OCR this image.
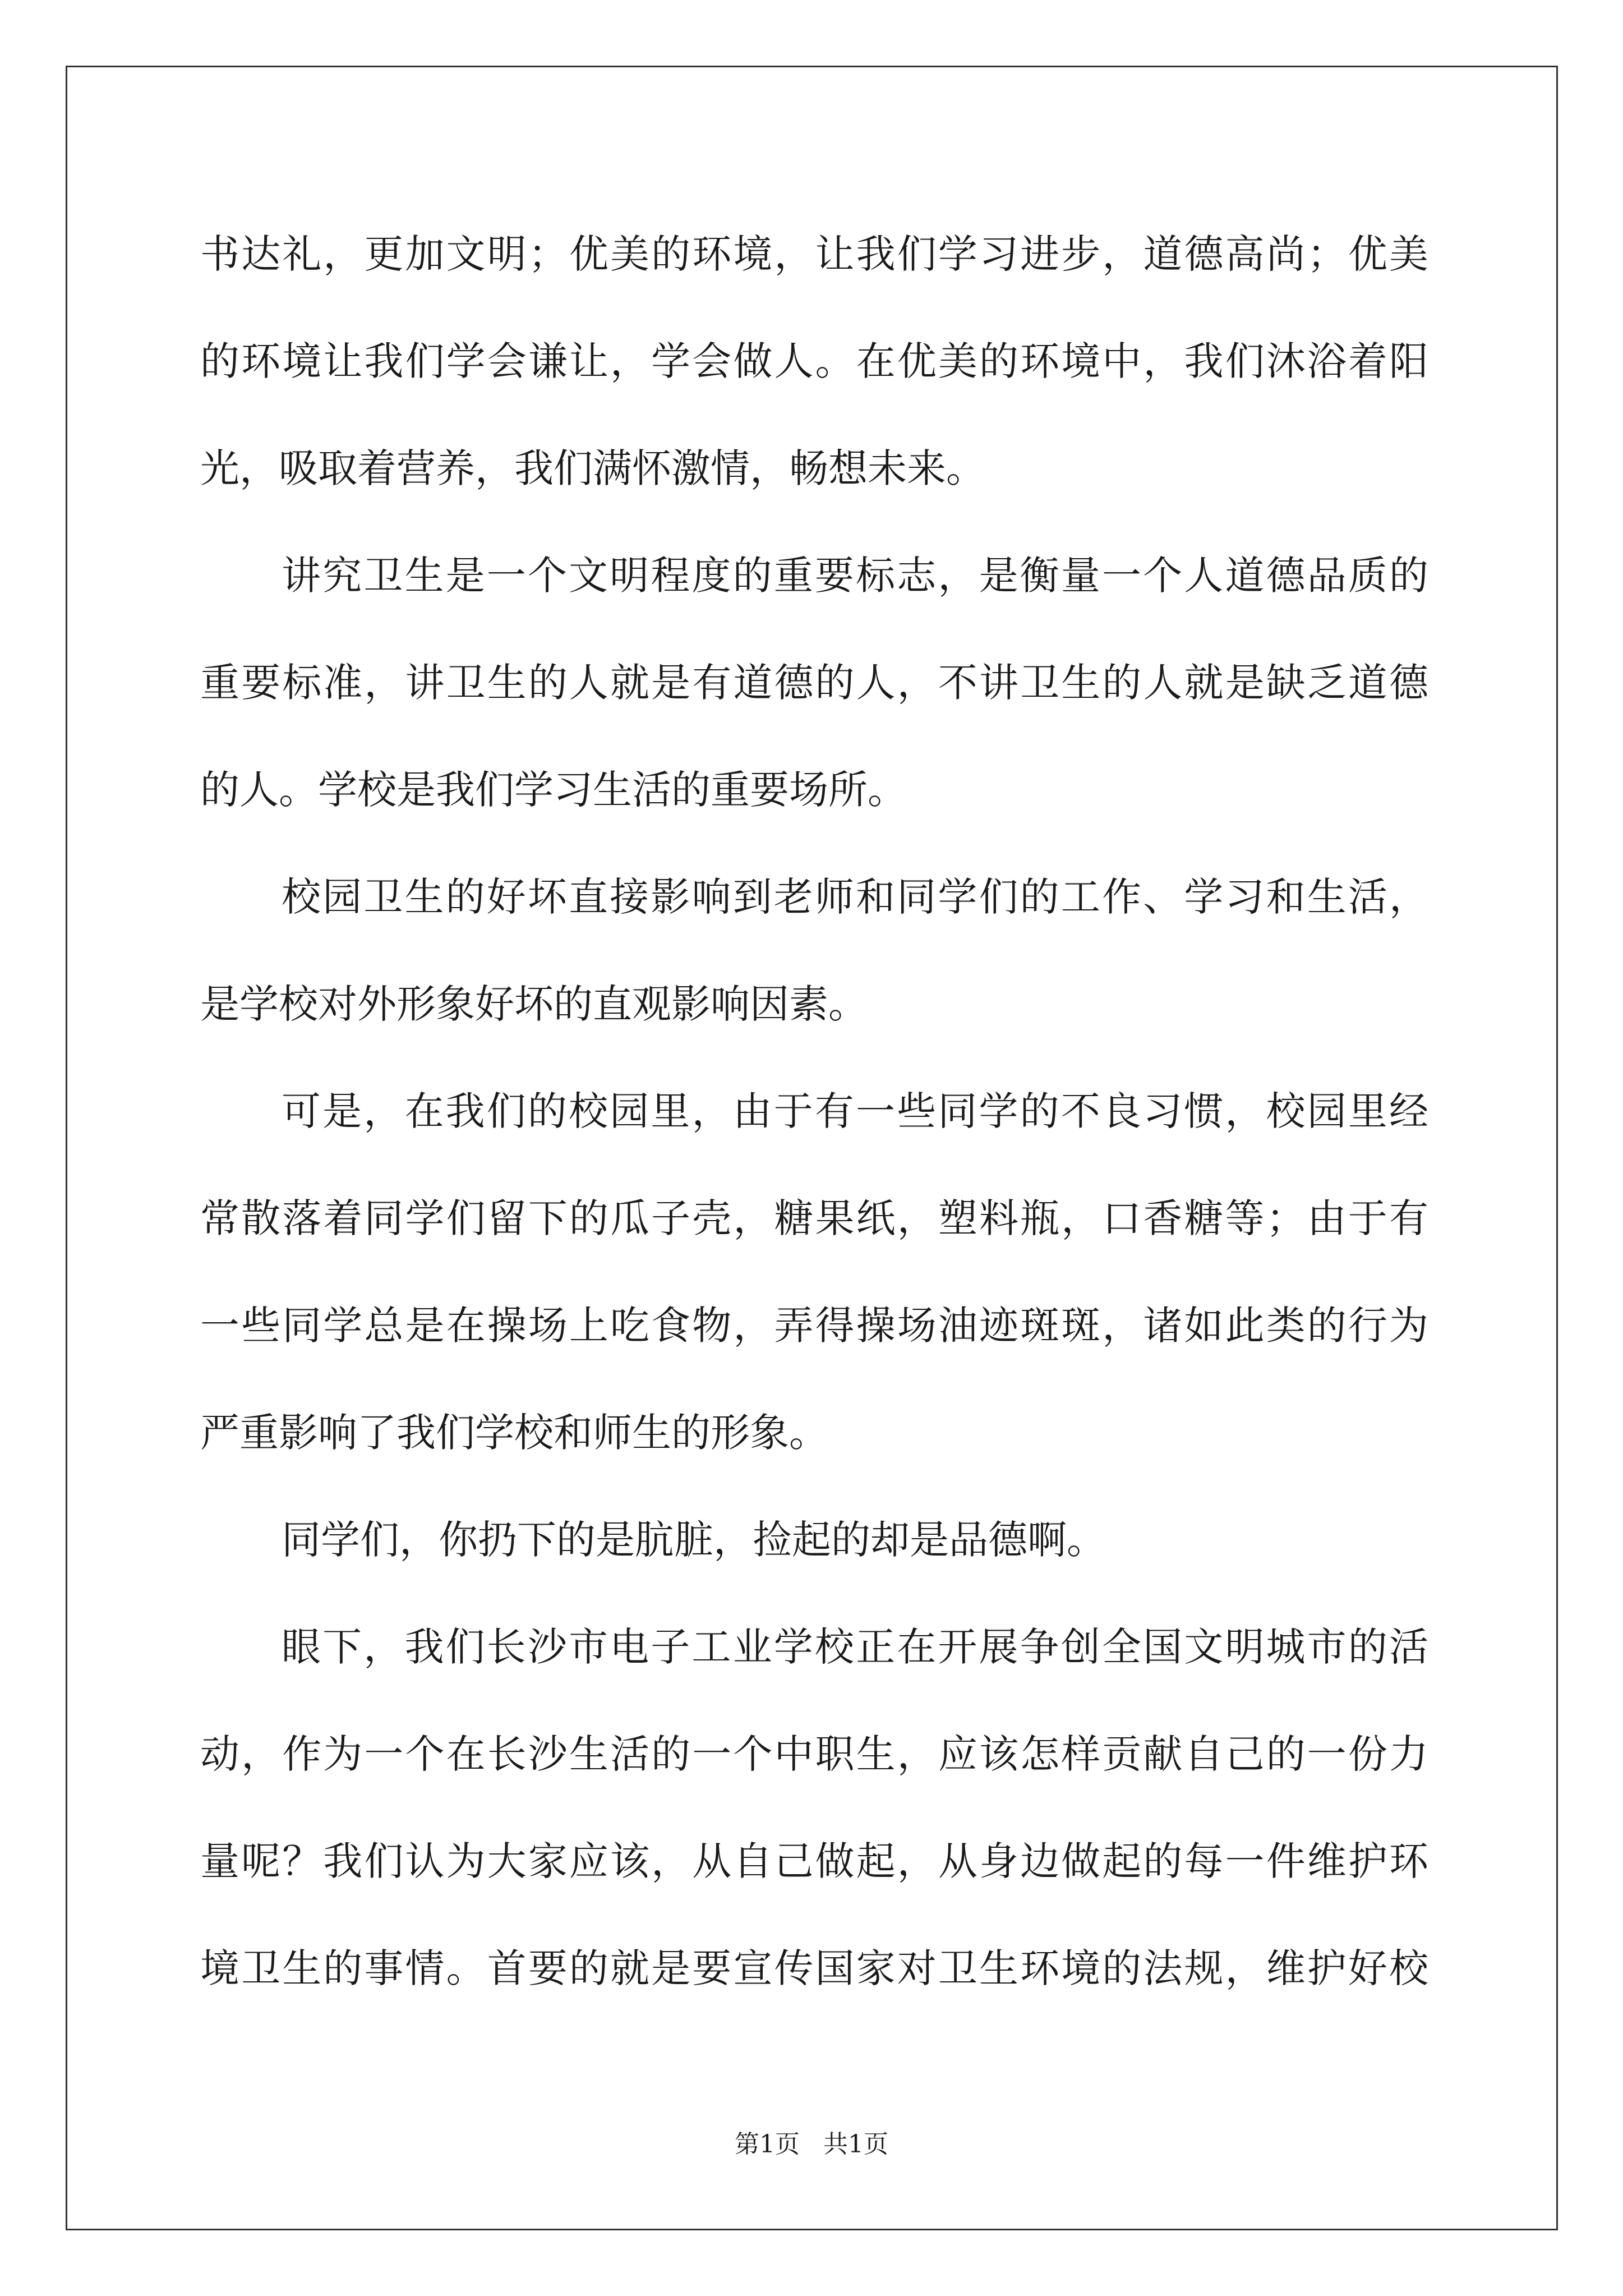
书达礼，更加文明；优美的环境，让我们学习进步，道德高尚；优美
的环境让我们学会谦让，学会做人。在优美的环境中，我们沐浴着阳
光，吸取着营养，我们满怀激情，畅想未来。
讲究卫生是一个文明程度的重要标志，是衡量一个人道德品质的
重要标准，讲卫生的人就是有道德的人，不讲卫生的人就是缺乏道德
的人。学校是我们学习生活的重要场所。
校园卫生的好坏直接影响到老师和同学们的工作、学习和生活，
是学校对外形象好坏的直观影响因素。
可是，在我们的校园里，由于有一些同学的不良习惯，校园里经
常散落着同学们留下的瓜子壳，糖果纸，塑料瓶，口香糖等；由于有
一些同学总是在操场上吃食物，弄得操场油迹斑斑，诸如此类的行为
严重影响了我们学校和师生的形象。
同学们，你扔下的是肮脏，捡起的却是品德啊。
眼下，我们长沙市电子工业学校正在开展争创全国文明城市的活
动，作为一个在长沙生活的一个中职生，应该怎样贡献自己的一份力
量呢？我们认为大家应该，从自己做起，从身边做起的每一件维护环
境卫生的事情。首要的就是要宣传国家对卫生环境的法规，维护好校
第1页 共1页
